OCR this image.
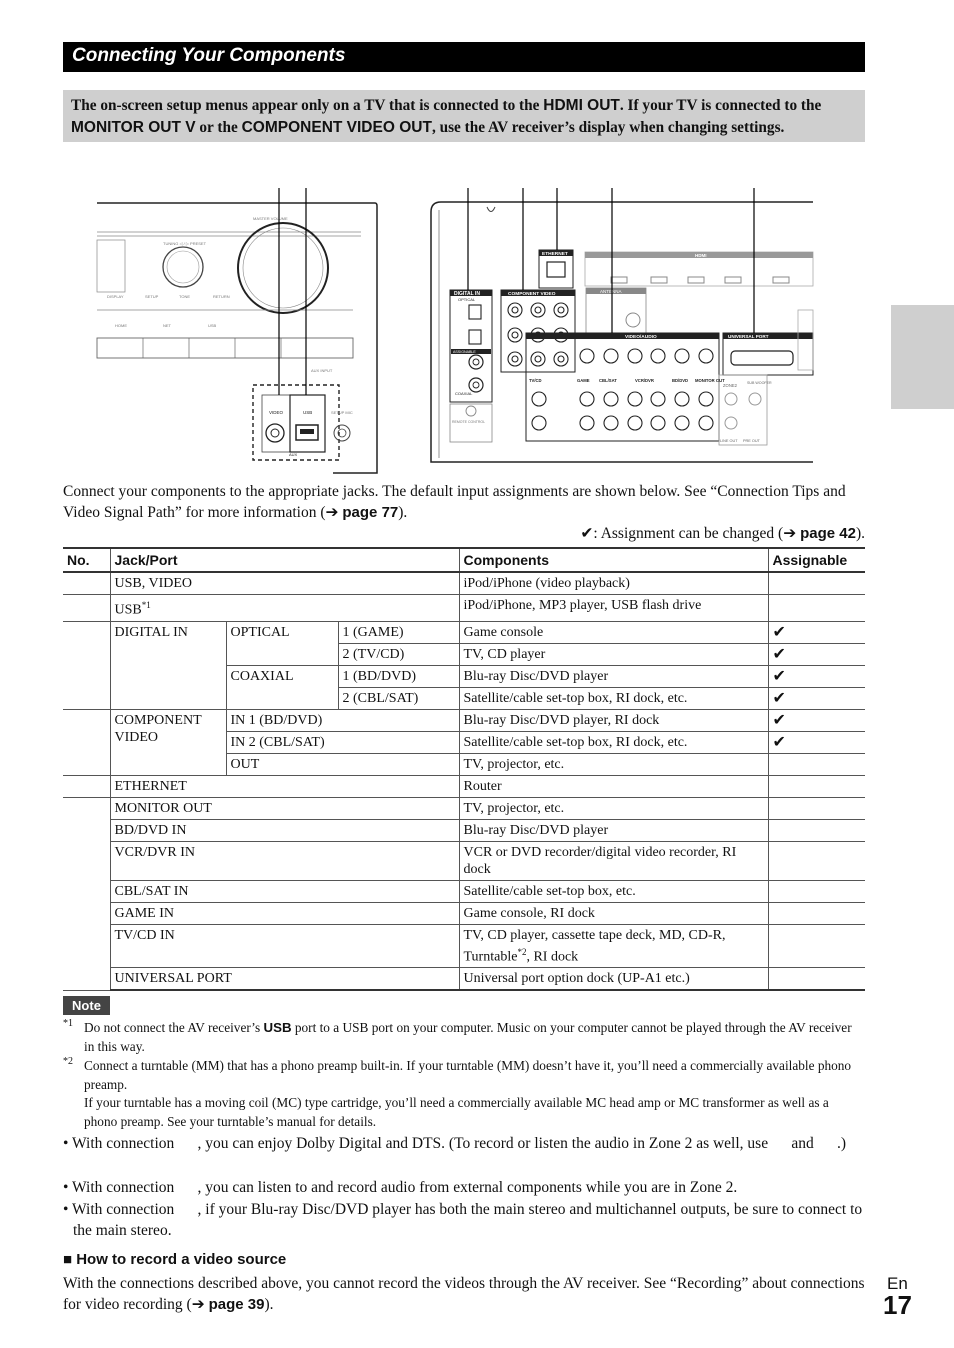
Connecting Your Components
The on-screen setup menus appear only on a TV that is connected to the HDMI OUT. If your TV is connected to the MONITOR OUT V or the COMPONENT VIDEO OUT, use the AV receiver’s display when changing settings.
MASTER VOLUME
TUNING ◁ / ▷ PRESET
DISPLAY	SETUP	TONE	RETURN
HOME	NET	USB
AUX INPUT
VIDEO	USB
AUX
SETUP MIC
DIGITAL IN
OPTICAL
ASSIGNABLE
COAXIAL
REMOTE CONTROL
COMPONENT VIDEO
ETHERNET
ANTENNA
HDMI
VIDEO/AUDIO
TV/CD	GAME CBL/SAT	VCR/DVR	BD/DVD MONITOR OUT
UNIVERSAL PORT
ZONE2	SUB WOOFER
LINE OUT PRE OUT
Connect your components to the appropriate jacks. The default input assignments are shown below. See “Connection Tips and Video Signal Path” for more information (➔ page 77).
✔: Assignment can be changed (➔ page 42).
No.	Jack/Port			Components	Assignable
	USB, VIDEO			iPod/iPhone (video playback)	
	USB$^{*1}$			iPod/iPhone, MP3 player, USB flash drive	
	DIGITAL IN	OPTICAL	1 (GAME)	Game console	✔
			2 (TV/CD)	TV, CD player	✔
		COAXIAL	1 (BD/DVD)	Blu-ray Disc/DVD player	✔
			2 (CBL/SAT)	Satellite/cable set-top box, RI dock, etc.	✔
	COMPONENT VIDEO	IN 1 (BD/DVD)		Blu-ray Disc/DVD player, RI dock	✔
		IN 2 (CBL/SAT)		Satellite/cable set-top box, RI dock, etc.	✔
		OUT		TV, projector, etc.	
	ETHERNET			Router	
	MONITOR OUT			TV, projector, etc.	
	BD/DVD IN			Blu-ray Disc/DVD player	
	VCR/DVR IN			VCR or DVD recorder/digital video recorder, RI dock	
	CBL/SAT IN			Satellite/cable set-top box, etc.	
	GAME IN			Game console, RI dock	
	TV/CD IN			TV, CD player, cassette tape deck, MD, CD-R, Turntable$^{*2}$, RI dock	
	UNIVERSAL PORT			Universal port option dock (UP-A1 etc.)	
Note
*1 Do not connect the AV receiver’s USB port to a USB port on your computer. Music on your computer cannot be played through the AV receiver in this way.
*2 Connect a turntable (MM) that has a phono preamp built-in. If your turntable (MM) doesn’t have it, you’ll need a commercially available phono preamp.
If your turntable has a moving coil (MC) type cartridge, you’ll need a commercially available MC head amp or MC transformer as well as a phono preamp. See your turntable’s manual for details.
• With connection      , you can enjoy Dolby Digital and DTS. (To record or listen the audio in Zone 2 as well, use      and      .)
• With connection      , you can listen to and record audio from external components while you are in Zone 2.
• With connection      , if your Blu-ray Disc/DVD player has both the main stereo and multichannel outputs, be sure to connect to the main stereo.
■ How to record a video source
With the connections described above, you cannot record the videos through the AV receiver. See “Recording” about connections for video recording (➔ page 39).
En
17
